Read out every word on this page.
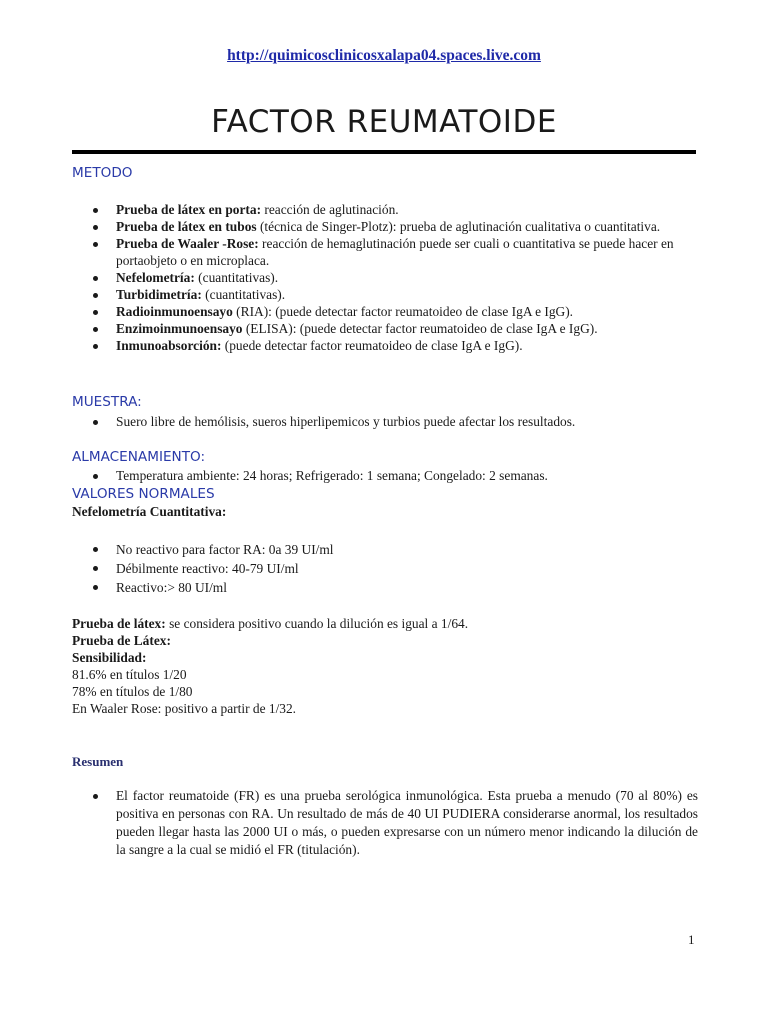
http://quimicosclinicosxalapa04.spaces.live.com
FACTOR REUMATOIDE
METODO
Prueba de látex en porta: reacción de aglutinación.
Prueba de látex en tubos (técnica de Singer-Plotz): prueba de aglutinación cualitativa o cuantitativa.
Prueba de Waaler -Rose: reacción de hemaglutinación puede ser cuali o cuantitativa se puede hacer en portaobjeto o en microplaca.
Nefelometría: (cuantitativas).
Turbidimetría: (cuantitativas).
Radioinmunoensayo (RIA): (puede detectar factor reumatoideo de clase IgA e IgG).
Enzimoinmunoensayo (ELISA): (puede detectar factor reumatoideo de clase IgA e IgG).
Inmunoabsorción: (puede detectar factor reumatoideo de clase IgA e IgG).
MUESTRA:
Suero libre de hemólisis, sueros hiperlipemicos y turbios puede afectar los resultados.
ALMACENAMIENTO:
Temperatura ambiente: 24 horas; Refrigerado: 1 semana; Congelado: 2 semanas.
VALORES NORMALES
Nefelometría Cuantitativa:
No reactivo para factor RA: 0a 39 UI/ml
Débilmente reactivo: 40-79 UI/ml
Reactivo:> 80 UI/ml
Prueba de látex: se considera positivo cuando la dilución es igual a 1/64.
Prueba de Látex:
Sensibilidad:
81.6% en títulos 1/20
78% en títulos de 1/80
En Waaler Rose: positivo a partir de 1/32.
Resumen
El factor reumatoide (FR) es una prueba serológica inmunológica. Esta prueba a menudo (70 al 80%) es positiva en personas con RA. Un resultado de más de 40 UI PUDIERA considerarse anormal, los resultados pueden llegar hasta las 2000 UI o más, o pueden expresarse con un número menor indicando la dilución de la sangre a la cual se midió el FR (titulación).
1
